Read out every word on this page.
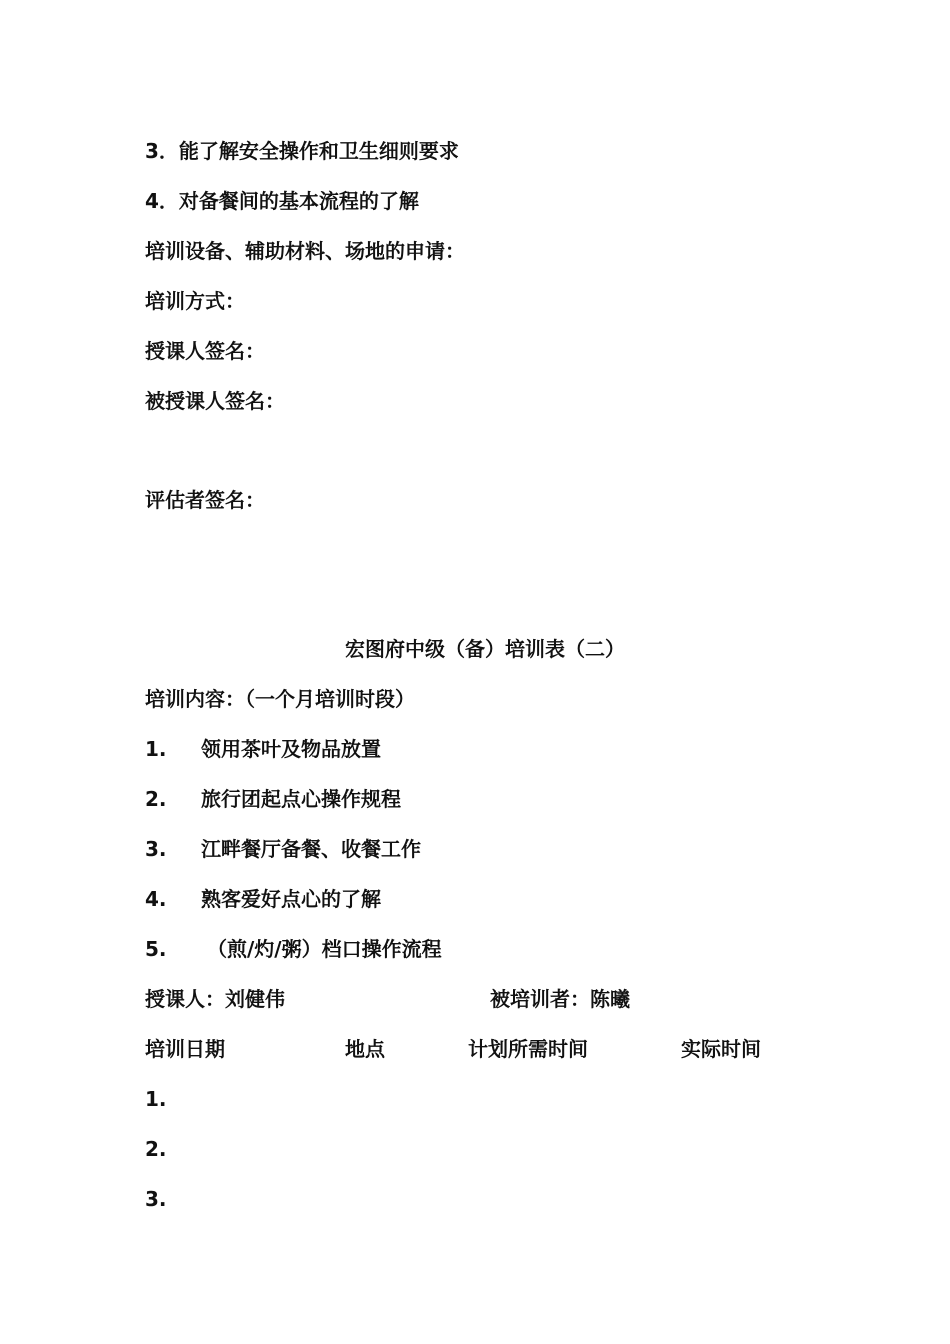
3．能了解安全操作和卫生细则要求
4．对备餐间的基本流程的了解
培训设备、辅助材料、场地的申请：
培训方式：
授课人签名：
被授课人签名：
评估者签名：
宏图府中级（备）培训表（二）
培训内容：（一个月培训时段）
1. 领用茶叶及物品放置
2. 旅行团起点心操作规程
3. 江畔餐厅备餐、收餐工作
4. 熟客爱好点心的了解
5. （煎/灼/粥）档口操作流程
授课人：刘健伟	被培训者：陈曦
培训日期	地点	计划所需时间	实际时间
1.
2.
3.
